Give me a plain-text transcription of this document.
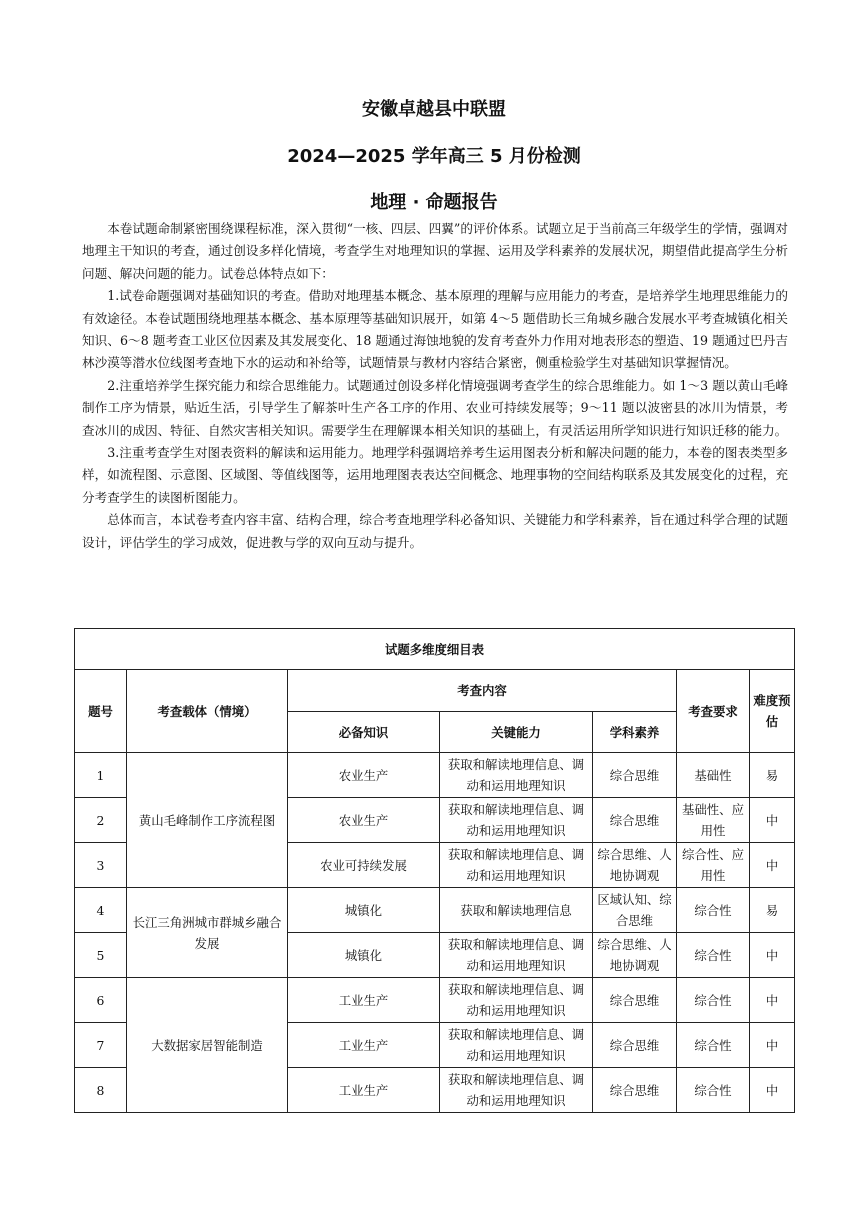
安徽卓越县中联盟
2024—2025 学年高三 5 月份检测
地理 · 命题报告

本卷试题命制紧密围绕课程标准，深入贯彻“一核、四层、四翼”的评价体系。试题立足于当前高三年级学生的学情，强调对地理主干知识的考查，通过创设多样化情境，考查学生对地理知识的掌握、运用及学科素养的发展状况，期望借此提高学生分析问题、解决问题的能力。试卷总体特点如下：

1.试卷命题强调对基础知识的考查。借助对地理基本概念、基本原理的理解与应用能力的考查，是培养学生地理思维能力的有效途径。本卷试题围绕地理基本概念、基本原理等基础知识展开，如第 4～5 题借助长三角城乡融合发展水平考查城镇化相关知识、6～8 题考查工业区位因素及其发展变化、18 题通过海蚀地貌的发育考查外力作用对地表形态的塑造、19 题通过巴丹吉林沙漠等潜水位线图考查地下水的运动和补给等，试题情景与教材内容结合紧密，侧重检验学生对基础知识掌握情况。

2.注重培养学生探究能力和综合思维能力。试题通过创设多样化情境强调考查学生的综合思维能力。如 1～3 题以黄山毛峰制作工序为情景，贴近生活，引导学生了解茶叶生产各工序的作用、农业可持续发展等；9～11 题以波密县的冰川为情景，考查冰川的成因、特征、自然灾害相关知识。需要学生在理解课本相关知识的基础上，有灵活运用所学知识进行知识迁移的能力。

3.注重考查学生对图表资料的解读和运用能力。地理学科强调培养考生运用图表分析和解决问题的能力，本卷的图表类型多样，如流程图、示意图、区域图、等值线图等，运用地理图表表达空间概念、地理事物的空间结构联系及其发展变化的过程，充分考查学生的读图析图能力。

总体而言，本试卷考查内容丰富、结构合理，综合考查地理学科必备知识、关键能力和学科素养，旨在通过科学合理的试题设计，评估学生的学习成效，促进教与学的双向互动与提升。

试题多维度细目表						
题号	考查载体（情境）	考查内容			考查要求	难度预估
		必备知识	关键能力	学科素养		
1	黄山毛峰制作工序流程图	农业生产	获取和解读地理信息、调动和运用地理知识	综合思维	基础性	易
2		农业生产	获取和解读地理信息、调动和运用地理知识	综合思维	基础性、应用性	中
3		农业可持续发展	获取和解读地理信息、调动和运用地理知识	综合思维、人地协调观	综合性、应用性	中
4	长江三角洲城市群城乡融合发展	城镇化	获取和解读地理信息	区域认知、综合思维	综合性	易
5		城镇化	获取和解读地理信息、调动和运用地理知识	综合思维、人地协调观	综合性	中
6	大数据家居智能制造	工业生产	获取和解读地理信息、调动和运用地理知识	综合思维	综合性	中
7		工业生产	获取和解读地理信息、调动和运用地理知识	综合思维	综合性	中
8		工业生产	获取和解读地理信息、调动和运用地理知识	综合思维	综合性	中
